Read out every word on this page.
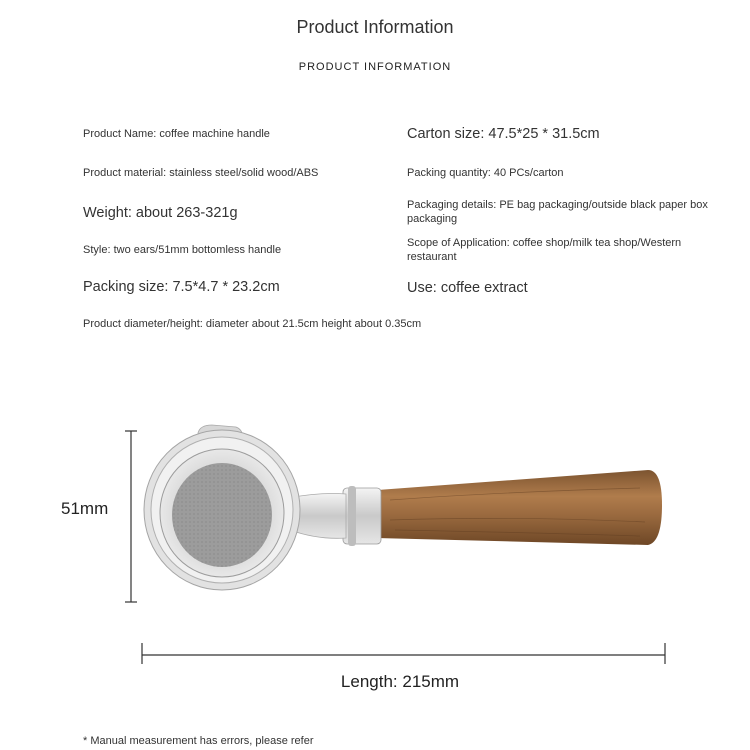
Product Information
PRODUCT INFORMATION
Product Name: coffee machine handle
Product material: stainless steel/solid wood/ABS
Weight: about 263-321g
Style: two ears/51mm bottomless handle
Packing size: 7.5*4.7 * 23.2cm
Product diameter/height: diameter about 21.5cm height about 0.35cm
Carton size: 47.5*25 * 31.5cm
Packing quantity: 40 PCs/carton
Packaging details: PE bag packaging/outside black paper box packaging
Scope of Application: coffee shop/milk tea shop/Western restaurant
Use: coffee extract
51mm
Length: 215mm
* Manual measurement has errors, please refer
